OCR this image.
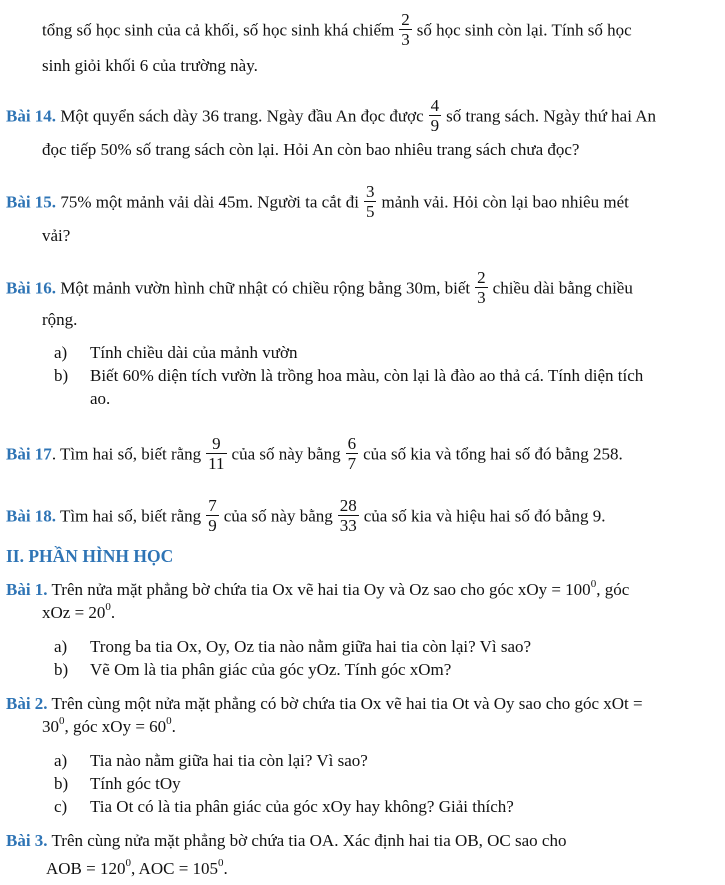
tổng số học sinh của cả khối, số học sinh khá chiếm $\frac{2}{3}$ số học sinh còn lại. Tính số học
sinh giỏi khối 6 của trường này.
Bài 14. Một quyển sách dày 36 trang. Ngày đầu An đọc được $\frac{4}{9}$ số trang sách. Ngày thứ hai An
đọc tiếp 50% số trang sách còn lại. Hỏi An còn bao nhiêu trang sách chưa đọc?
Bài 15. 75% một mảnh vải dài 45m. Người ta cắt đi $\frac{3}{5}$ mảnh vải. Hỏi còn lại bao nhiêu mét
vải?
Bài 16. Một mảnh vườn hình chữ nhật có chiều rộng bằng 30m, biết $\frac{2}{3}$ chiều dài bằng chiều
rộng.
a) Tính chiều dài của mảnh vườn
b) Biết 60% diện tích vườn là trồng hoa màu, còn lại là đào ao thả cá. Tính diện tích
ao.
Bài 17. Tìm hai số, biết rằng $\frac{9}{11}$ của số này bằng $\frac{6}{7}$ của số kia và tổng hai số đó bằng 258.
Bài 18. Tìm hai số, biết rằng $\frac{7}{9}$ của số này bằng $\frac{28}{33}$ của số kia và hiệu hai số đó bằng 9.
II. PHẦN HÌNH HỌC
Bài 1. Trên nửa mặt phẳng bờ chứa tia Ox vẽ hai tia Oy và Oz sao cho góc xOy = $100^0$, góc
xOz = $20^0$.
a) Trong ba tia Ox, Oy, Oz tia nào nằm giữa hai tia còn lại? Vì sao?
b) Vẽ Om là tia phân giác của góc yOz. Tính góc xOm?
Bài 2. Trên cùng một nửa mặt phẳng có bờ chứa tia Ox vẽ hai tia Ot và Oy sao cho góc xOt =
$30^0$, góc xOy = $60^0$.
a) Tia nào nằm giữa hai tia còn lại? Vì sao?
b) Tính góc tOy
c) Tia Ot có là tia phân giác của góc xOy hay không? Giải thích?
Bài 3. Trên cùng nửa mặt phẳng bờ chứa tia OA. Xác định hai tia OB, OC sao cho
AOB = $120^0$, AOC = $105^0$.
